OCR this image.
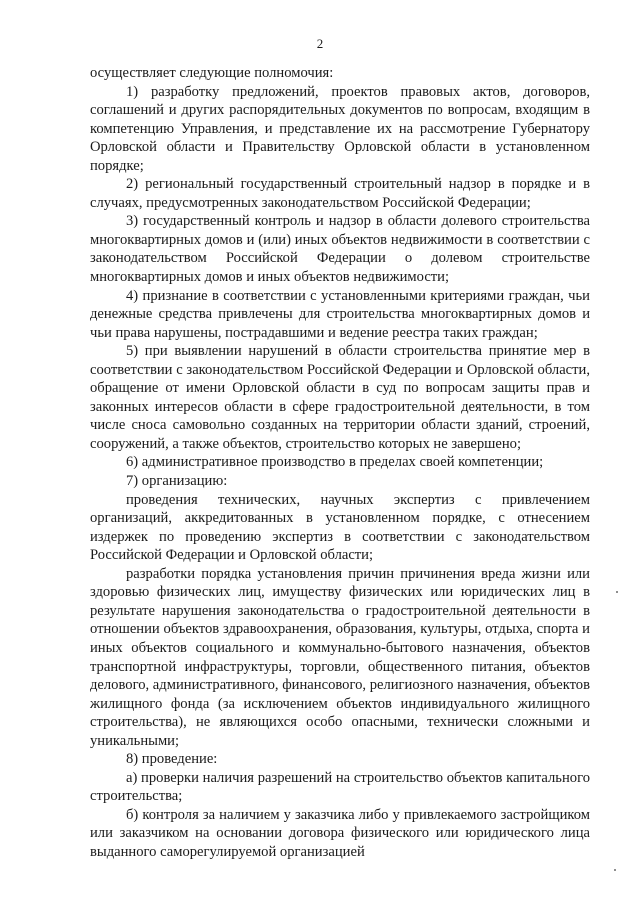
2

осуществляет следующие полномочия:

1) разработку предложений, проектов правовых актов, договоров, соглашений и других распорядительных документов по вопросам, входящим в компетенцию Управления, и представление их на рассмотрение Губернатору Орловской области и Правительству Орловской области в установленном порядке;

2) региональный государственный строительный надзор в порядке и в случаях, предусмотренных законодательством Российской Федерации;

3) государственный контроль и надзор в области долевого строительства многоквартирных домов и (или) иных объектов недвижимости в соответствии с законодательством Российской Федерации о долевом строительстве многоквартирных домов и иных объектов недвижимости;

4) признание в соответствии с установленными критериями граждан, чьи денежные средства привлечены для строительства многоквартирных домов и чьи права нарушены, пострадавшими и ведение реестра таких граждан;

5) при выявлении нарушений в области строительства принятие мер в соответствии с законодательством Российской Федерации и Орловской области, обращение от имени Орловской области в суд по вопросам защиты прав и законных интересов области в сфере градостроительной деятельности, в том числе сноса самовольно созданных на территории области зданий, строений, сооружений, а также объектов, строительство которых не завершено;

6) административное производство в пределах своей компетенции;

7) организацию:

проведения технических, научных экспертиз с привлечением организаций, аккредитованных в установленном порядке, с отнесением издержек по проведению экспертиз в соответствии с законодательством Российской Федерации и Орловской области;

разработки порядка установления причин причинения вреда жизни или здоровью физических лиц, имуществу физических или юридических лиц в результате нарушения законодательства о градостроительной деятельности в отношении объектов здравоохранения, образования, культуры, отдыха, спорта и иных объектов социального и коммунально-бытового назначения, объектов транспортной инфраструктуры, торговли, общественного питания, объектов делового, административного, финансового, религиозного назначения, объектов жилищного фонда (за исключением объектов индивидуального жилищного строительства), не являющихся особо опасными, технически сложными и уникальными;

8) проведение:

а) проверки наличия разрешений на строительство объектов капитального строительства;

б) контроля за наличием у заказчика либо у привлекаемого застройщиком или заказчиком на основании договора физического или юридического лица выданного саморегулируемой организацией
